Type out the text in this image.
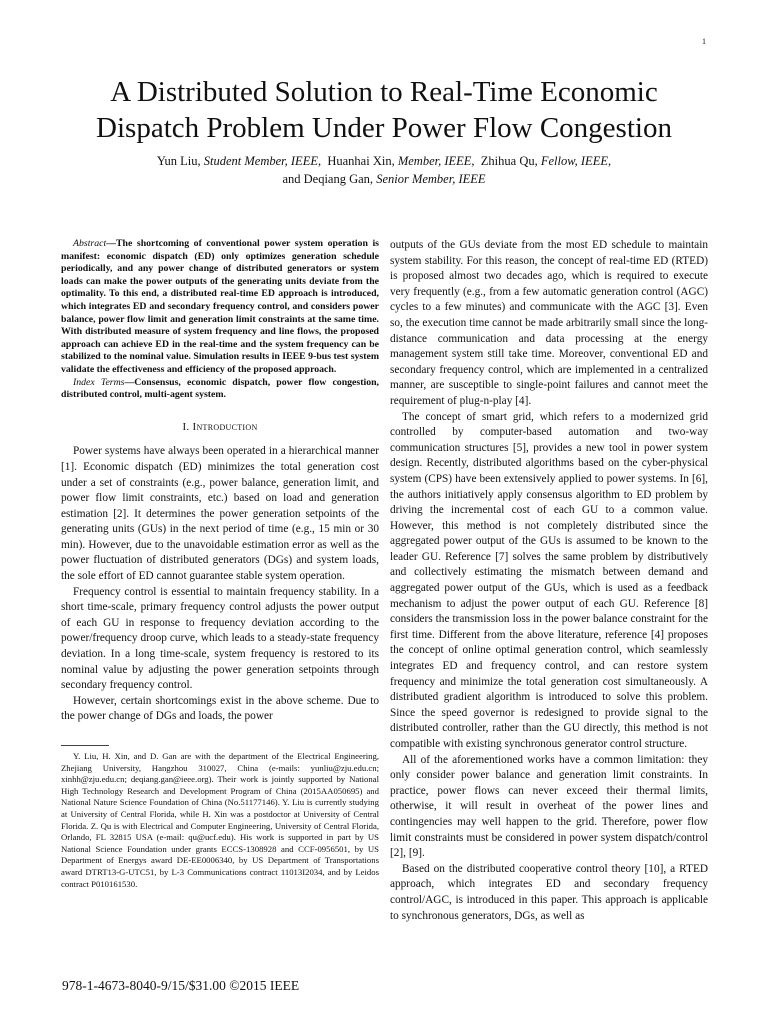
1
A Distributed Solution to Real-Time Economic
Dispatch Problem Under Power Flow Congestion
Yun Liu, Student Member, IEEE, Huanhai Xin, Member, IEEE, Zhihua Qu, Fellow, IEEE,
and Deqiang Gan, Senior Member, IEEE

Abstract—The shortcoming of conventional power system operation is manifest: economic dispatch (ED) only optimizes generation schedule periodically, and any power change of distributed generators or system loads can make the power outputs of the generating units deviate from the optimality. To this end, a distributed real-time ED approach is introduced, which integrates ED and secondary frequency control, and considers power balance, power flow limit and generation limit constraints at the same time. With distributed measure of system frequency and line flows, the proposed approach can achieve ED in the real-time and the system frequency can be stabilized to the nominal value. Simulation results in IEEE 9-bus test system validate the effectiveness and efficiency of the proposed approach.

Index Terms—Consensus, economic dispatch, power flow congestion, distributed control, multi-agent system.

I. Introduction

Power systems have always been operated in a hierarchical manner [1]. Economic dispatch (ED) minimizes the total generation cost under a set of constraints (e.g., power balance, generation limit, and power flow limit constraints, etc.) based on load and generation estimation [2]. It determines the power generation setpoints of the generating units (GUs) in the next period of time (e.g., 15 min or 30 min). However, due to the unavoidable estimation error as well as the power fluctuation of distributed generators (DGs) and system loads, the sole effort of ED cannot guarantee stable system operation.

Frequency control is essential to maintain frequency stability. In a short time-scale, primary frequency control adjusts the power output of each GU in response to frequency deviation according to the power/frequency droop curve, which leads to a steady-state frequency deviation. In a long time-scale, system frequency is restored to its nominal value by adjusting the power generation setpoints through secondary frequency control.

However, certain shortcomings exist in the above scheme. Due to the power change of DGs and loads, the power

Y. Liu, H. Xin, and D. Gan are with the department of the Electrical Engineering, Zhejiang University, Hangzhou 310027, China (e-mails: yunliu@zju.edu.cn; xinhh@zju.edu.cn; deqiang.gan@ieee.org). Their work is jointly supported by National High Technology Research and Development Program of China (2015AA050695) and National Nature Science Foundation of China (No.51177146). Y. Liu is currently studying at University of Central Florida, while H. Xin was a postdoctor at University of Central Florida. Z. Qu is with Electrical and Computer Engineering, University of Central Florida, Orlando, FL 32815 USA (e-mail: qu@ucf.edu). His work is supported in part by US National Science Foundation under grants ECCS-1308928 and CCF-0956501, by US Department of Energys award DE-EE0006340, by US Department of Transportations award DTRT13-G-UTC51, by L-3 Communications contract 11013I2034, and by Leidos contract P010161530.

outputs of the GUs deviate from the most ED schedule to maintain system stability. For this reason, the concept of real-time ED (RTED) is proposed almost two decades ago, which is required to execute very frequently (e.g., from a few automatic generation control (AGC) cycles to a few minutes) and communicate with the AGC [3]. Even so, the execution time cannot be made arbitrarily small since the long-distance communication and data processing at the energy management system still take time. Moreover, conventional ED and secondary frequency control, which are implemented in a centralized manner, are susceptible to single-point failures and cannot meet the requirement of plug-n-play [4].

The concept of smart grid, which refers to a modernized grid controlled by computer-based automation and two-way communication structures [5], provides a new tool in power system design. Recently, distributed algorithms based on the cyber-physical system (CPS) have been extensively applied to power systems. In [6], the authors initiatively apply consensus algorithm to ED problem by driving the incremental cost of each GU to a common value. However, this method is not completely distributed since the aggregated power output of the GUs is assumed to be known to the leader GU. Reference [7] solves the same problem by distributively and collectively estimating the mismatch between demand and aggregated power output of the GUs, which is used as a feedback mechanism to adjust the power output of each GU. Reference [8] considers the transmission loss in the power balance constraint for the first time. Different from the above literature, reference [4] proposes the concept of online optimal generation control, which seamlessly integrates ED and frequency control, and can restore system frequency and minimize the total generation cost simultaneously. A distributed gradient algorithm is introduced to solve this problem. Since the speed governor is redesigned to provide signal to the distributed controller, rather than the GU directly, this method is not compatible with existing synchronous generator control structure.

All of the aforementioned works have a common limitation: they only consider power balance and generation limit constraints. In practice, power flows can never exceed their thermal limits, otherwise, it will result in overheat of the power lines and contingencies may well happen to the grid. Therefore, power flow limit constraints must be considered in power system dispatch/control [2], [9].

Based on the distributed cooperative control theory [10], a RTED approach, which integrates ED and secondary frequency control/AGC, is introduced in this paper. This approach is applicable to synchronous generators, DGs, as well as

978-1-4673-8040-9/15/$31.00 ©2015 IEEE
